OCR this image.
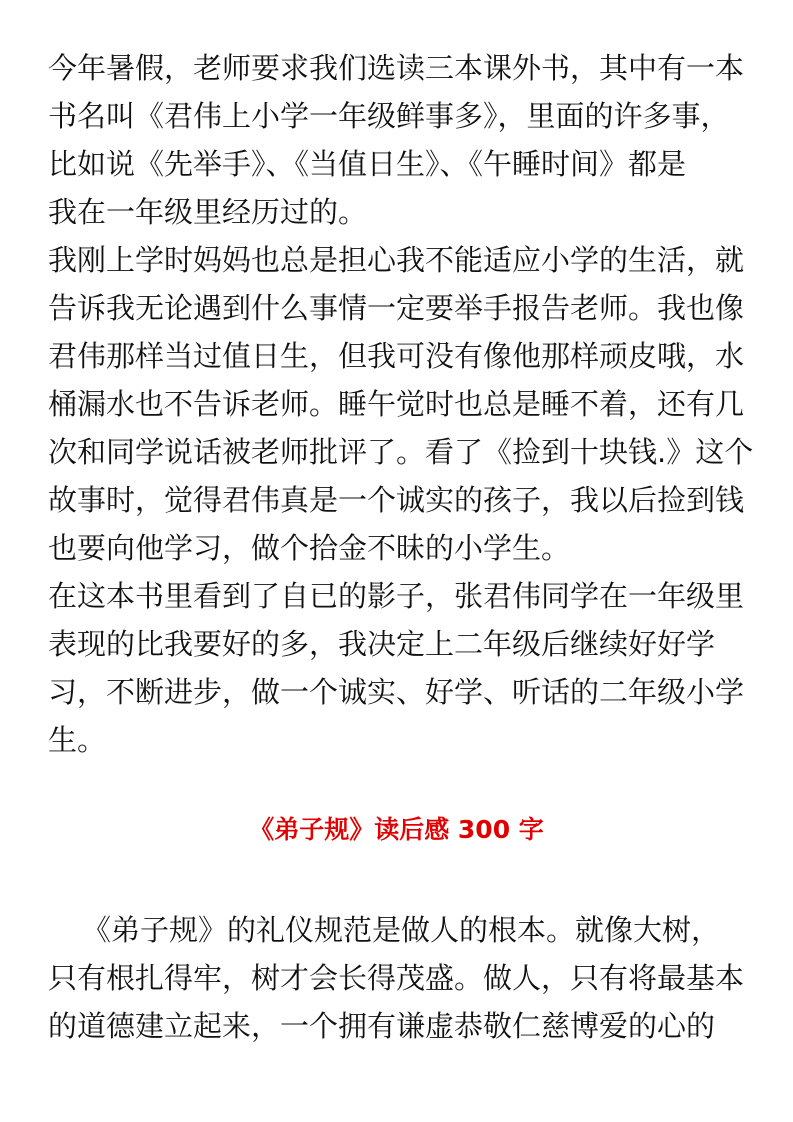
今年暑假，老师要求我们选读三本课外书，其中有一本
书名叫《君伟上小学一年级鲜事多》，里面的许多事，
比如说《先举手》、《当值日生》、《午睡时间》都是
我在一年级里经历过的。
我刚上学时妈妈也总是担心我不能适应小学的生活，就
告诉我无论遇到什么事情一定要举手报告老师。我也像
君伟那样当过值日生，但我可没有像他那样顽皮哦，水
桶漏水也不告诉老师。睡午觉时也总是睡不着，还有几
次和同学说话被老师批评了。看了《捡到十块钱.》这个
故事时，觉得君伟真是一个诚实的孩子，我以后捡到钱
也要向他学习，做个拾金不昧的小学生。
在这本书里看到了自已的影子，张君伟同学在一年级里
表现的比我要好的多，我决定上二年级后继续好好学
习，不断进步，做一个诚实、好学、听话的二年级小学
生。
《弟子规》读后感 300 字
《弟子规》的礼仪规范是做人的根本。就像大树，
只有根扎得牢，树才会长得茂盛。做人，只有将最基本
的道德建立起来，一个拥有谦虚恭敬仁慈博爱的心的
